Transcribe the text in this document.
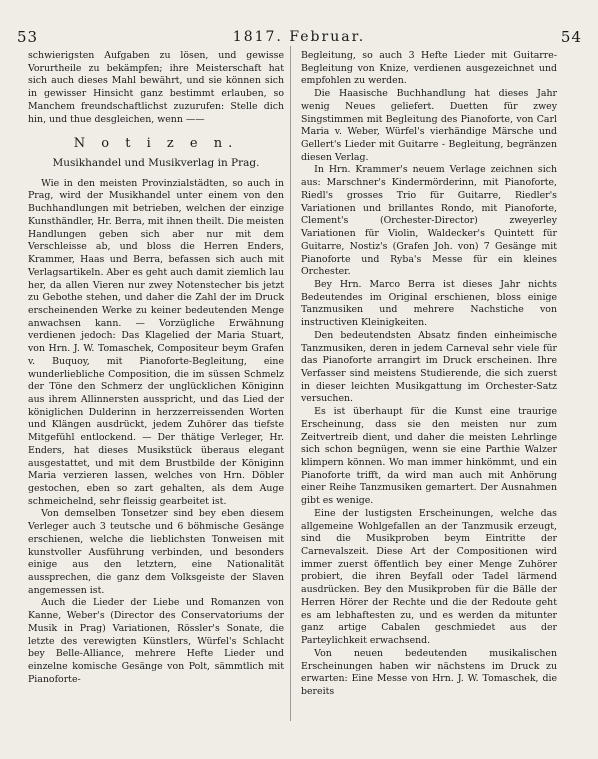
53	1817. Februar.	54

schwierigsten Aufgaben zu lösen, und gewisse Vorurtheile zu bekämpfen; ihre Meisterschaft hat sich auch dieses Mahl bewährt, und sie können sich in gewisser Hinsicht ganz bestimmt erlauben, so Manchem freundschaftlichst zuzurufen: Stelle dich hin, und thue desgleichen, wenn ——

N o t i z e n.
Musikhandel und Musikverlag in Prag.

Wie in den meisten Provinzialstädten, so auch in Prag, wird der Musikhandel unter einem von den Buchhandlungen mit betrieben, welchen der einzige Kunsthändler, Hr. Berra, mit ihnen theilt. Die meisten Handlungen geben sich aber nur mit dem Verschleisse ab, und bloss die Herren Enders, Krammer, Haas und Berra, befassen sich auch mit Verlagsartikeln. Aber es geht auch damit ziemlich lau her, da allen Vieren nur zwey Notenstecher bis jetzt zu Gebothe stehen, und daher die Zahl der im Druck erscheinenden Werke zu keiner bedeutenden Menge anwachsen kann. — Vorzügliche Erwähnung verdienen jedoch: Das Klagelied der Maria Stuart, von Hrn. J. W. Tomaschek, Compositeur beym Grafen v. Buquoy, mit Pianoforte-Begleitung, eine wunderliebliche Composition, die im süssen Schmelz der Töne den Schmerz der unglücklichen Königinn aus ihrem Allinnersten ausspricht, und das Lied der königlichen Dulderinn in herzzerreissenden Worten und Klängen ausdrückt, jedem Zuhörer das tiefste Mitgefühl entlockend. — Der thätige Verleger, Hr. Enders, hat dieses Musikstück überaus elegant ausgestattet, und mit dem Brustbilde der Königinn Maria verzieren lassen, welches von Hrn. Döbler gestochen, eben so zart gehalten, als dem Auge schmeichelnd, sehr fleissig gearbeitet ist.

Von demselben Tonsetzer sind bey eben diesem Verleger auch 3 teutsche und 6 böhmische Gesänge erschienen, welche die lieblichsten Tonweisen mit kunstvoller Ausführung verbinden, und besonders einige aus den letztern, eine Nationalität aussprechen, die ganz dem Volksgeiste der Slaven angemessen ist.

Auch die Lieder der Liebe und Romanzen von Kanne, Weber's (Director des Conservatoriums der Musik in Prag) Variationen, Rössler's Sonate, die letzte des verewigten Künstlers, Würfel's Schlacht bey Belle-Alliance, mehrere Hefte Lieder und einzelne komische Gesänge von Polt, sämmtlich mit Pianoforte-

Begleitung, so auch 3 Hefte Lieder mit Guitarre-Begleitung von Knize, verdienen ausgezeichnet und empfohlen zu werden.

Die Haasische Buchhandlung hat dieses Jahr wenig Neues geliefert. Duetten für zwey Singstimmen mit Begleitung des Pianoforte, von Carl Maria v. Weber, Würfel's vierhändige Märsche und Gellert's Lieder mit Guitarre - Begleitung, begränzen diesen Verlag.

In Hrn. Krammer's neuem Verlage zeichnen sich aus: Marschner's Kindermörderinn, mit Pianoforte, Riedl's grosses Trio für Guitarre, Riedler's Variationen und brillantes Rondo, mit Pianoforte, Clement's (Orchester-Director) zweyerley Variationen für Violin, Waldecker's Quintett für Guitarre, Nostiz's (Grafen Joh. von) 7 Gesänge mit Pianoforte und Ryba's Messe für ein kleines Orchester.

Bey Hrn. Marco Berra ist dieses Jahr nichts Bedeutendes im Original erschienen, bloss einige Tanzmusiken und mehrere Nachstiche von instructiven Kleinigkeiten.

Den bedeutendsten Absatz finden einheimische Tanzmusiken, deren in jedem Carneval sehr viele für das Pianoforte arrangirt im Druck erscheinen. Ihre Verfasser sind meistens Studierende, die sich zuerst in dieser leichten Musikgattung im Orchester-Satz versuchen.

Es ist überhaupt für die Kunst eine traurige Erscheinung, dass sie den meisten nur zum Zeitvertreib dient, und daher die meisten Lehrlinge sich schon begnügen, wenn sie eine Parthie Walzer klimpern können. Wo man immer hinkömmt, und ein Pianoforte trifft, da wird man auch mit Anhörung einer Reihe Tanzmusiken gemartert. Der Ausnahmen gibt es wenige.

Eine der lustigsten Erscheinungen, welche das allgemeine Wohlgefallen an der Tanzmusik erzeugt, sind die Musikproben beym Eintritte der Carnevalszeit. Diese Art der Compositionen wird immer zuerst öffentlich bey einer Menge Zuhörer probiert, die ihren Beyfall oder Tadel lärmend ausdrücken. Bey den Musikproben für die Bälle der Herren Hörer der Rechte und die der Redoute geht es am lebhaftesten zu, und es werden da mitunter ganz artige Cabalen geschmiedet aus der Parteylichkeit erwachsend.

Von neuen bedeutenden musikalischen Erscheinungen haben wir nächstens im Druck zu erwarten: Eine Messe von Hrn. J. W. Tomaschek, die bereits
